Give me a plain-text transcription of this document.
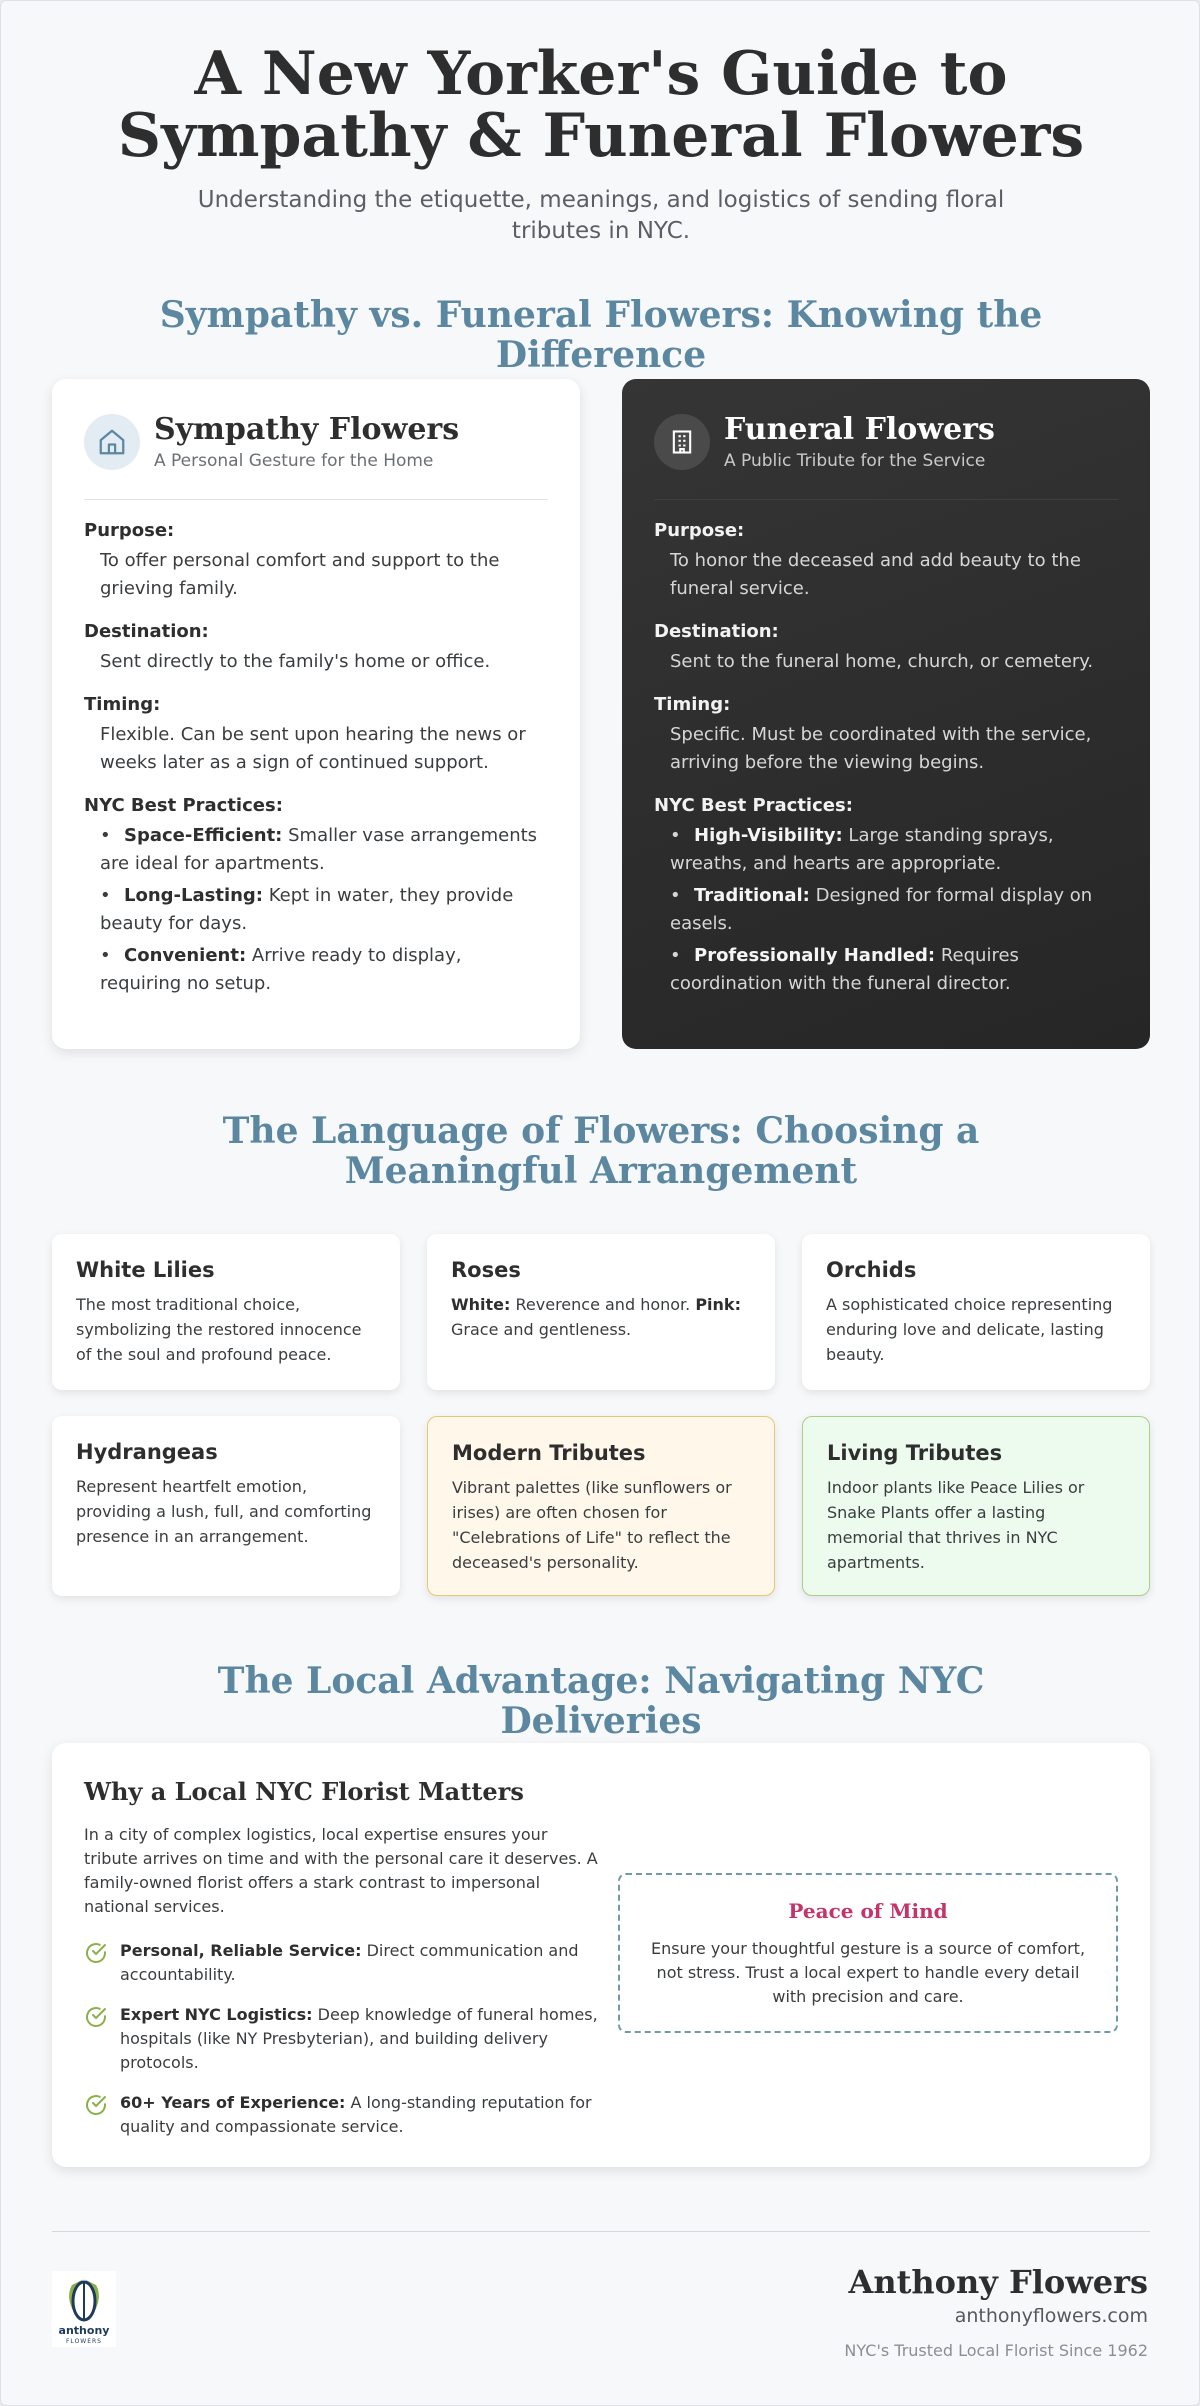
A New Yorker's Guide to Sympathy & Funeral Flowers

Understanding the etiquette, meanings, and logistics of sending floral tributes in NYC.

Sympathy vs. Funeral Flowers: Knowing the Difference
Sympathy Flowers
A Personal Gesture for the Home
Purpose:
To offer personal comfort and support to the grieving family.
Destination:
Sent directly to the family's home or office.
Timing:
Flexible. Can be sent upon hearing the news or weeks later as a sign of continued support.
NYC Best Practices:
• Space-Efficient: Smaller vase arrangements are ideal for apartments.
• Long-Lasting: Kept in water, they provide beauty for days.
• Convenient: Arrive ready to display, requiring no setup.
Funeral Flowers
A Public Tribute for the Service
Purpose:
To honor the deceased and add beauty to the funeral service.
Destination:
Sent to the funeral home, church, or cemetery.
Timing:
Specific. Must be coordinated with the service, arriving before the viewing begins.
NYC Best Practices:
• High-Visibility: Large standing sprays, wreaths, and hearts are appropriate.
• Traditional: Designed for formal display on easels.
• Professionally Handled: Requires coordination with the funeral director.
The Language of Flowers: Choosing a Meaningful Arrangement
White Lilies
The most traditional choice, symbolizing the restored innocence of the soul and profound peace.
Roses
White: Reverence and honor. Pink: Grace and gentleness.
Orchids
A sophisticated choice representing enduring love and delicate, lasting beauty.
Hydrangeas
Represent heartfelt emotion, providing a lush, full, and comforting presence in an arrangement.
Modern Tributes
Vibrant palettes (like sunflowers or irises) are often chosen for "Celebrations of Life" to reflect the deceased's personality.
Living Tributes
Indoor plants like Peace Lilies or Snake Plants offer a lasting memorial that thrives in NYC apartments.
The Local Advantage: Navigating NYC Deliveries
Why a Local NYC Florist Matters

In a city of complex logistics, local expertise ensures your tribute arrives on time and with the personal care it deserves. A family-owned florist offers a stark contrast to impersonal national services.

Personal, Reliable Service: Direct communication and accountability.
Expert NYC Logistics: Deep knowledge of funeral homes, hospitals (like NY Presbyterian), and building delivery protocols.
60+ Years of Experience: A long-standing reputation for quality and compassionate service.
Peace of Mind
Ensure your thoughtful gesture is a source of comfort, not stress. Trust a local expert to handle every detail with precision and care.
anthony
FLOWERS
Anthony Flowers
anthonyflowers.com
NYC's Trusted Local Florist Since 1962
